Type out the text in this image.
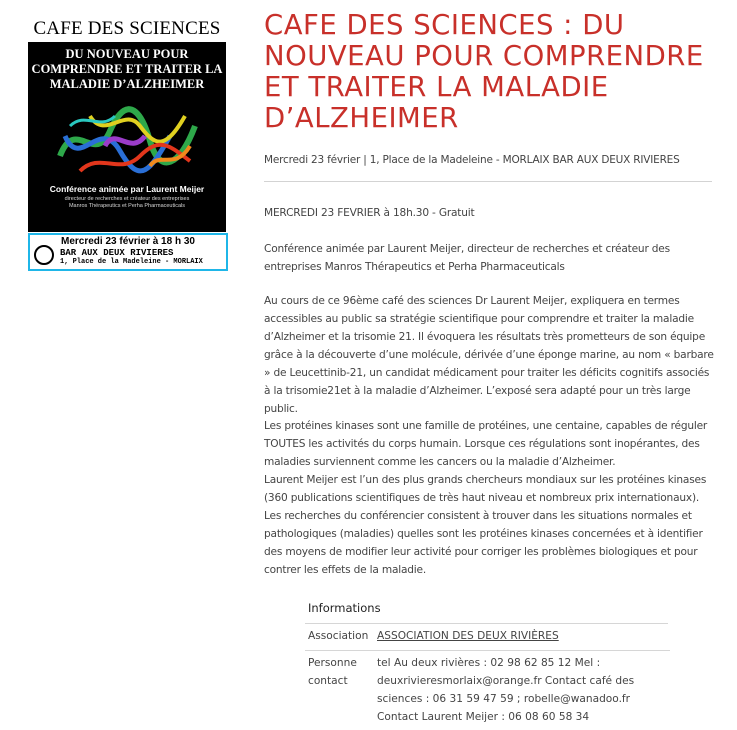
CAFE DES SCIENCES
DU NOUVEAU POUR
COMPRENDRE ET TRAITER LA
MALADIE D’ALZHEIMER
Conférence animée par Laurent Meijer
directeur de recherches et créateur des entreprises
Manros Thérapeutics et Perha Pharmaceuticals
Mercredi 23 février à 18 h 30
BAR AUX DEUX RIVIERES
1, Place de la Madeleine - MORLAIX
CAFE DES SCIENCES : DU NOUVEAU POUR COMPRENDRE ET TRAITER LA MALADIE D’ALZHEIMER
Mercredi 23 février | 1, Place de la Madeleine - MORLAIX BAR AUX DEUX RIVIERES

MERCREDI 23 FEVRIER à 18h.30 - Gratuit

Conférence animée par Laurent Meijer, directeur de recherches et créateur des entreprises Manros Thérapeutics et Perha Pharmaceuticals

Au cours de ce 96ème café des sciences Dr Laurent Meijer, expliquera en termes accessibles au public sa stratégie scientifique pour comprendre et traiter la maladie d’Alzheimer et la trisomie 21. Il évoquera les résultats très prometteurs de son équipe grâce à la découverte d’une molécule, dérivée d’une éponge marine, au nom « barbare » de Leucettinib-21, un candidat médicament pour traiter les déficits cognitifs associés à la trisomie21et à la maladie d’Alzheimer. L’exposé sera adapté pour un très large public.

Les protéines kinases sont une famille de protéines, une centaine, capables de réguler TOUTES les activités du corps humain. Lorsque ces régulations sont inopérantes, des maladies surviennent comme les cancers ou la maladie d’Alzheimer.

Laurent Meijer est l’un des plus grands chercheurs mondiaux sur les protéines kinases (360 publications scientifiques de très haut niveau et nombreux prix internationaux). Les recherches du conférencier consistent à trouver dans les situations normales et pathologiques (maladies) quelles sont les protéines kinases concernées et à identifier des moyens de modifier leur activité pour corriger les problèmes biologiques et pour contrer les effets de la maladie.

Informations
Association ASSOCIATION DES DEUX RIVIÈRES
Personne contact
tel Au deux rivières : 02 98 62 85 12 Mel : deuxrivieresmorlaix@orange.fr Contact café des sciences : 06 31 59 47 59 ; robelle@wanadoo.fr Contact Laurent Meijer : 06 08 60 58 34
